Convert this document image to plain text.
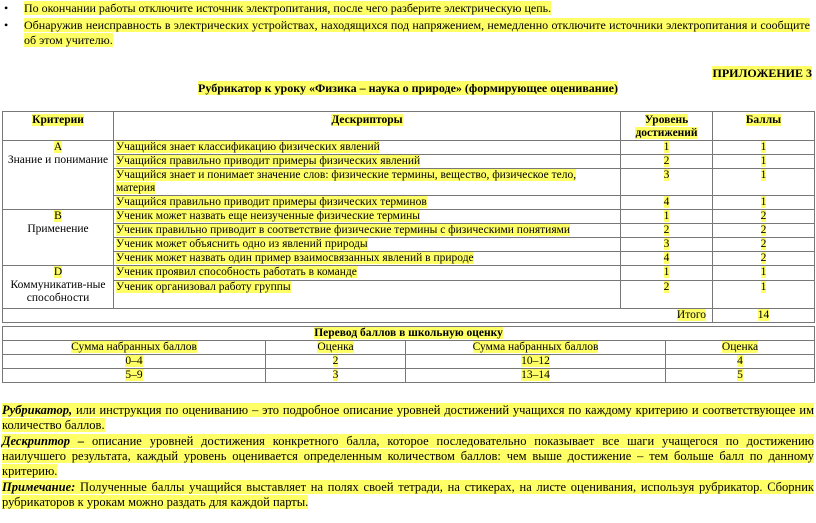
• По окончании работы отключите источник электропитания, после чего разберите электрическую цепь.
• Обнаружив неисправность в электрических устройствах, находящихся под напряжением, немедленно отключите источники электропитания и сообщите об этом учителю.
ПРИЛОЖЕНИЕ 3
Рубрикатор к уроку «Физика – наука о природе» (формирующее оценивание)
Критерии	Дескрипторы	Уровень достижений	Баллы
A
Знание и понимание	Учащийся знает классификацию физических явлений	1	1
	Учащийся правильно приводит примеры физических явлений	2	1
	Учащийся знает и понимает значение слов: физические термины, вещество, физическое тело, материя	3	1
	Учащийся правильно приводит примеры физических терминов	4	1
B
Применение	Ученик может назвать еще неизученные физические термины	1	2
	Ученик правильно приводит в соответствие физические термины с физическими понятиями	2	2
	Ученик может объяснить одно из явлений природы	3	2
	Ученик может назвать один пример взаимосвязанных явлений в природе	4	2
D
Коммуникатив-ные способности	Ученик проявил способность работать в команде	1	1
	Ученик организовал работу группы	2	1
Итого			14
Перевод баллов в школьную оценку			
Сумма набранных баллов	Оценка	Сумма набранных баллов	Оценка
0–4	2	10–12	4
5–9	3	13–14	5
Рубрикатор, или инструкция по оцениванию – это подробное описание уровней достижений учащихся по каждому критерию и соответствующее им количество баллов.
Дескриптор – описание уровней достижения конкретного балла, которое последовательно показывает все шаги учащегося по достижению наилучшего результата, каждый уровень оценивается определенным количеством баллов: чем выше достижение – тем больше балл по данному критерию.
Примечание: Полученные баллы учащийся выставляет на полях своей тетради, на стикерах, на листе оценивания, используя рубрикатор. Сборник рубрикаторов к урокам можно раздать для каждой парты.
